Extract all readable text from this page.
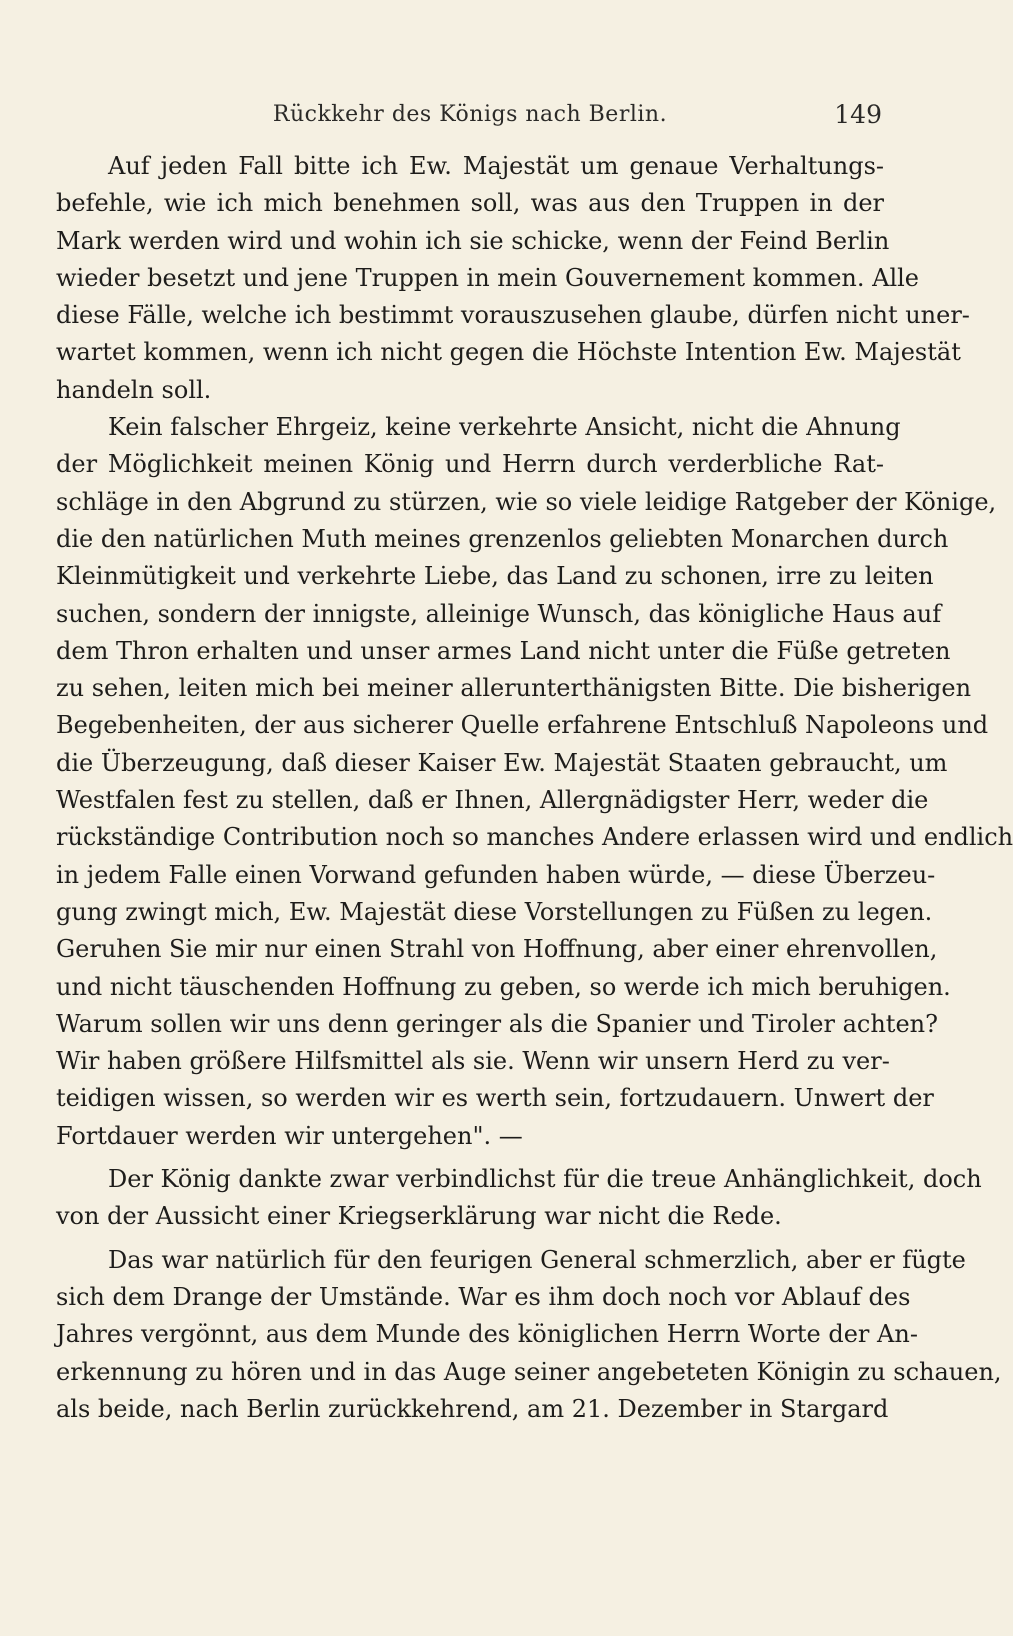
Rückkehr des Königs nach Berlin.	149
Auf jeden Fall bitte ich Ew. Majestät um genaue Verhaltungs-
befehle, wie ich mich benehmen soll, was aus den Truppen in der
Mark werden wird und wohin ich sie schicke, wenn der Feind Berlin
wieder besetzt und jene Truppen in mein Gouvernement kommen. Alle
diese Fälle, welche ich bestimmt vorauszusehen glaube, dürfen nicht uner-
wartet kommen, wenn ich nicht gegen die Höchste Intention Ew. Majestät
handeln soll.
Kein falscher Ehrgeiz, keine verkehrte Ansicht, nicht die Ahnung
der Möglichkeit meinen König und Herrn durch verderbliche Rat-
schläge in den Abgrund zu stürzen, wie so viele leidige Ratgeber der Könige,
die den natürlichen Muth meines grenzenlos geliebten Monarchen durch
Kleinmütigkeit und verkehrte Liebe, das Land zu schonen, irre zu leiten
suchen, sondern der innigste, alleinige Wunsch, das königliche Haus auf
dem Thron erhalten und unser armes Land nicht unter die Füße getreten
zu sehen, leiten mich bei meiner allerunterthänigsten Bitte. Die bisherigen
Begebenheiten, der aus sicherer Quelle erfahrene Entschluß Napoleons und
die Überzeugung, daß dieser Kaiser Ew. Majestät Staaten gebraucht, um
Westfalen fest zu stellen, daß er Ihnen, Allergnädigster Herr, weder die
rückständige Contribution noch so manches Andere erlassen wird und endlich
in jedem Falle einen Vorwand gefunden haben würde, — diese Überzeu-
gung zwingt mich, Ew. Majestät diese Vorstellungen zu Füßen zu legen.
Geruhen Sie mir nur einen Strahl von Hoffnung, aber einer ehrenvollen,
und nicht täuschenden Hoffnung zu geben, so werde ich mich beruhigen.
Warum sollen wir uns denn geringer als die Spanier und Tiroler achten?
Wir haben größere Hilfsmittel als sie. Wenn wir unsern Herd zu ver-
teidigen wissen, so werden wir es werth sein, fortzudauern. Unwert der
Fortdauer werden wir untergehen". —
Der König dankte zwar verbindlichst für die treue Anhänglichkeit, doch
von der Aussicht einer Kriegserklärung war nicht die Rede.
Das war natürlich für den feurigen General schmerzlich, aber er fügte
sich dem Drange der Umstände. War es ihm doch noch vor Ablauf des
Jahres vergönnt, aus dem Munde des königlichen Herrn Worte der An-
erkennung zu hören und in das Auge seiner angebeteten Königin zu schauen,
als beide, nach Berlin zurückkehrend, am 21. Dezember in Stargard
